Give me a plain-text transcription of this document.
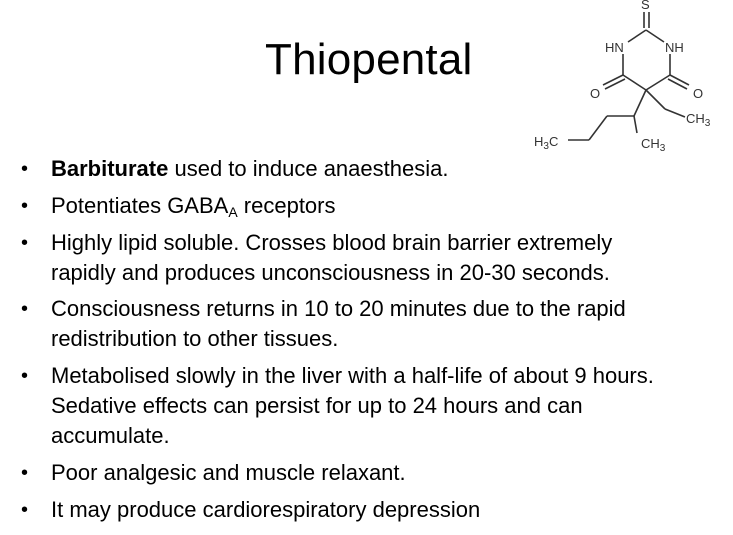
Thiopental
S
HN	NH
O	O
$CH_3$
$H_3C$	$CH_3$
• Barbiturate used to induce anaesthesia.
• Potentiates $GABA_A$ receptors
• Highly lipid soluble. Crosses blood brain barrier extremely
rapidly and produces unconsciousness in 20-30 seconds.
• Consciousness returns in 10 to 20 minutes due to the rapid
redistribution to other tissues.
• Metabolised slowly in the liver with a half-life of about 9 hours.
Sedative effects can persist for up to 24 hours and can
accumulate.
• Poor analgesic and muscle relaxant.
• It may produce cardiorespiratory depression
